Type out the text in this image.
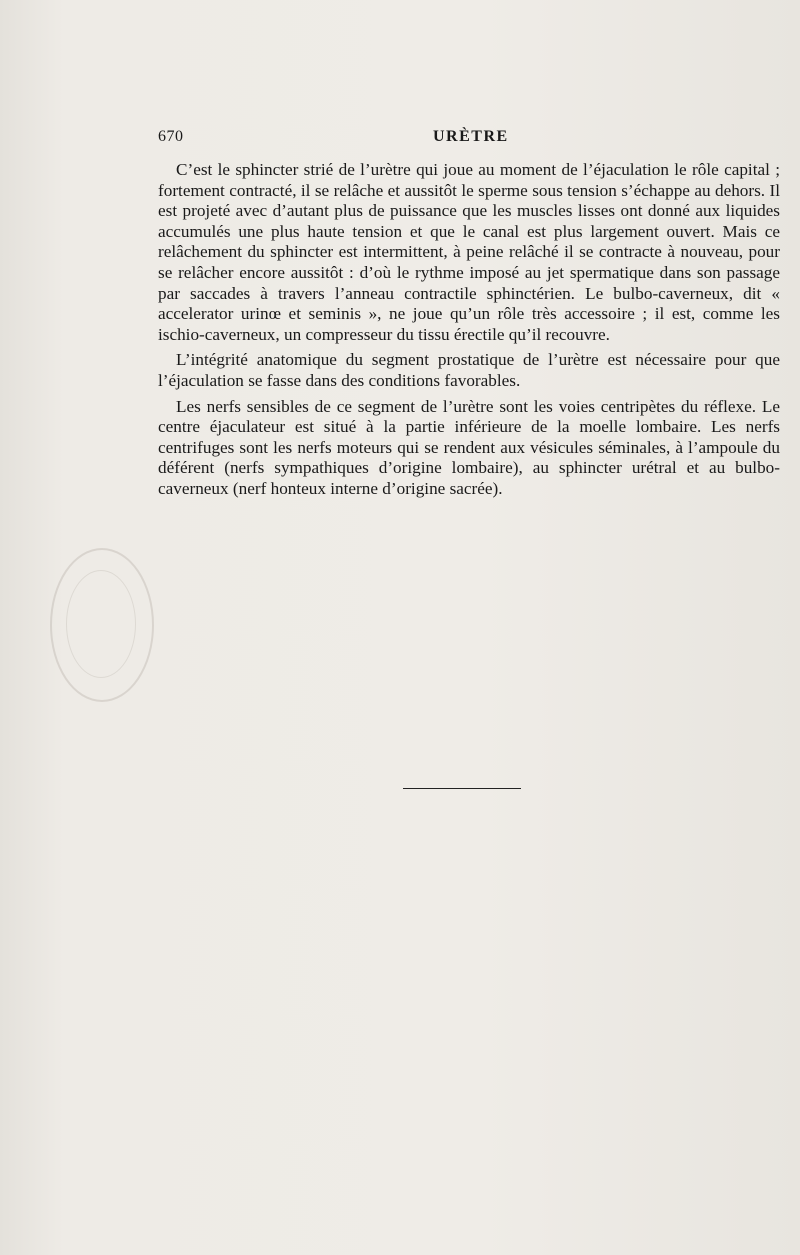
670	URÈTRE

C’est le sphincter strié de l’urètre qui joue au moment de l’éjaculation le rôle capital ; fortement contracté, il se relâche et aussitôt le sperme sous tension s’échappe au dehors. Il est projeté avec d’autant plus de puissance que les muscles lisses ont donné aux liquides accumulés une plus haute tension et que le canal est plus largement ouvert. Mais ce relâchement du sphincter est intermittent, à peine relâché il se contracte à nouveau, pour se relâcher encore aussitôt : d’où le rythme imposé au jet spermatique dans son passage par saccades à travers l’anneau contractile sphinctérien. Le bulbo-caverneux, dit « accelerator urinœ et seminis », ne joue qu’un rôle très accessoire ; il est, comme les ischio-caverneux, un compresseur du tissu érectile qu’il recouvre.

L’intégrité anatomique du segment prostatique de l’urètre est nécessaire pour que l’éjaculation se fasse dans des conditions favorables.

Les nerfs sensibles de ce segment de l’urètre sont les voies centripètes du réflexe. Le centre éjaculateur est situé à la partie inférieure de la moelle lombaire. Les nerfs centrifuges sont les nerfs moteurs qui se rendent aux vésicules séminales, à l’ampoule du déférent (nerfs sympathiques d’origine lombaire), au sphincter urétral et au bulbo-caverneux (nerf honteux interne d’origine sacrée).
